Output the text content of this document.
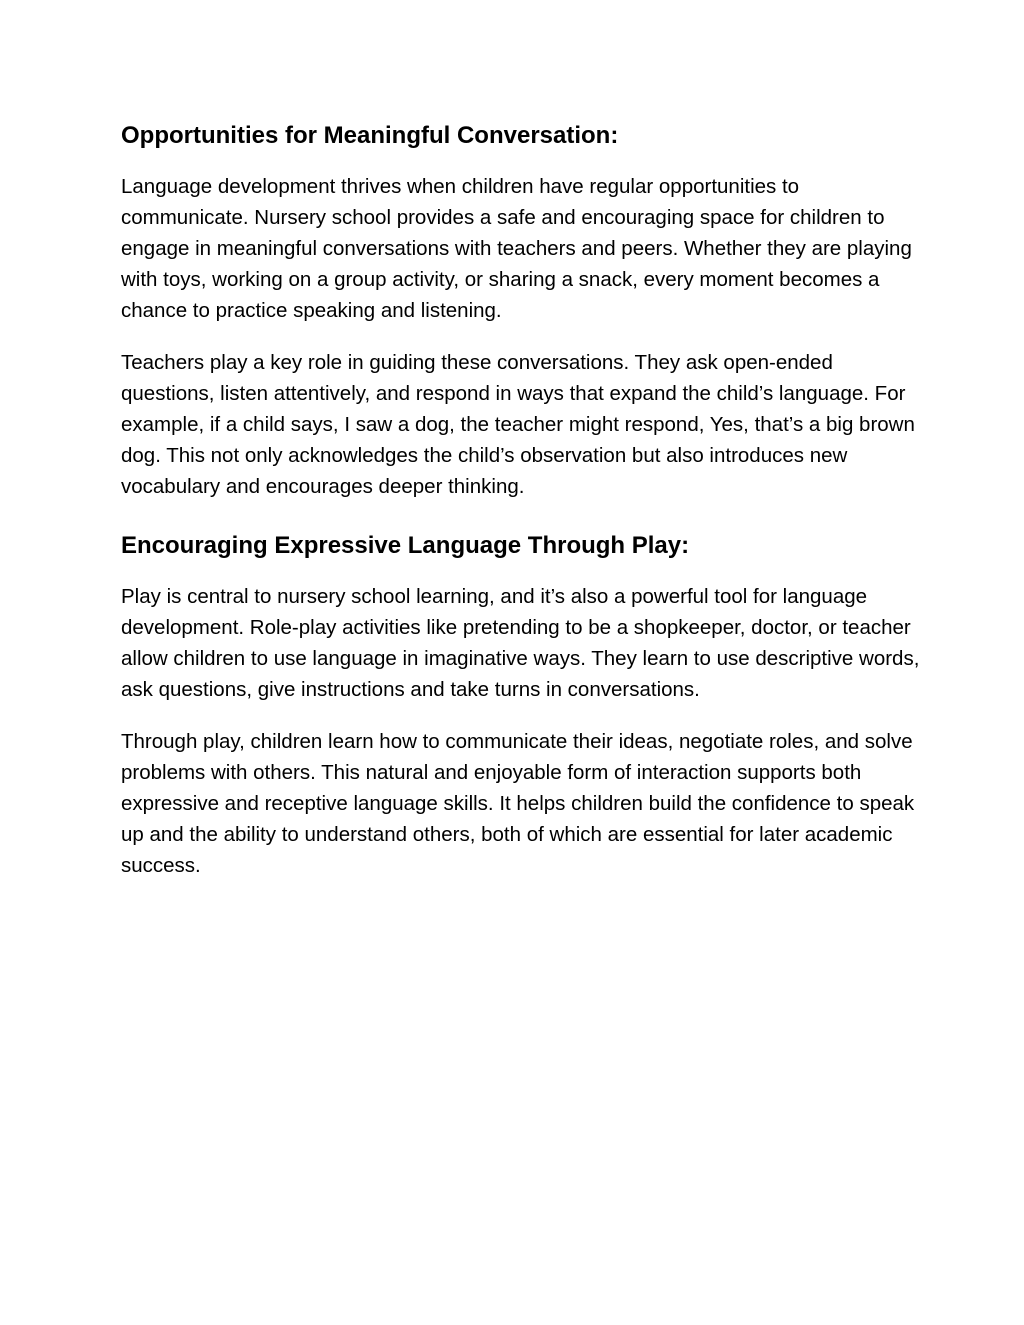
Opportunities for Meaningful Conversation:

Language development thrives when children have regular opportunities to communicate. Nursery school provides a safe and encouraging space for children to engage in meaningful conversations with teachers and peers. Whether they are playing with toys, working on a group activity, or sharing a snack, every moment becomes a chance to practice speaking and listening.

Teachers play a key role in guiding these conversations. They ask open-ended questions, listen attentively, and respond in ways that expand the child’s language. For example, if a child says, I saw a dog, the teacher might respond, Yes, that’s a big brown dog. This not only acknowledges the child’s observation but also introduces new vocabulary and encourages deeper thinking.

Encouraging Expressive Language Through Play:

Play is central to nursery school learning, and it’s also a powerful tool for language development. Role-play activities like pretending to be a shopkeeper, doctor, or teacher allow children to use language in imaginative ways. They learn to use descriptive words, ask questions, give instructions and take turns in conversations.

Through play, children learn how to communicate their ideas, negotiate roles, and solve problems with others. This natural and enjoyable form of interaction supports both expressive and receptive language skills. It helps children build the confidence to speak up and the ability to understand others, both of which are essential for later academic success.
